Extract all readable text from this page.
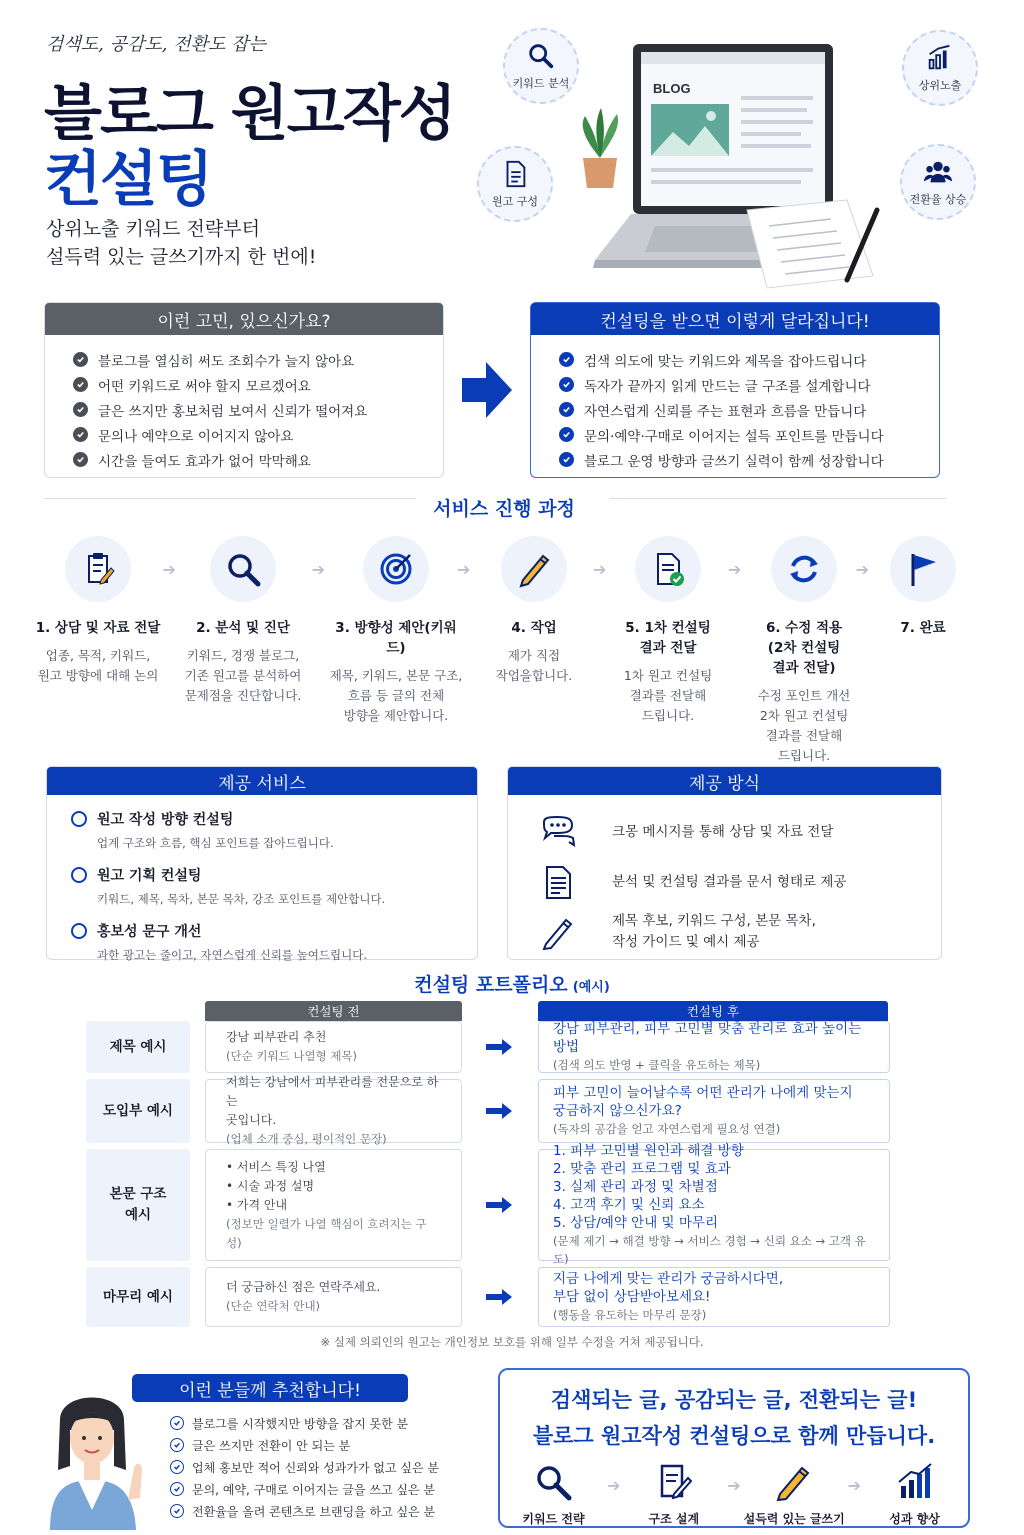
검색도, 공감도, 전환도 잡는
블로그 원고작성
컨설팅
상위노출 키워드 전략부터
설득력 있는 글쓰기까지 한 번에!
키워드 분석
원고 구성
상위노출
전환율 상승
BLOG
이런 고민, 있으신가요?
블로그를 열심히 써도 조회수가 늘지 않아요
어떤 키워드로 써야 할지 모르겠어요
글은 쓰지만 홍보처럼 보여서 신뢰가 떨어져요
문의나 예약으로 이어지지 않아요
시간을 들여도 효과가 없어 막막해요
컨설팅을 받으면 이렇게 달라집니다!
검색 의도에 맞는 키워드와 제목을 잡아드립니다
독자가 끝까지 읽게 만드는 글 구조를 설계합니다
자연스럽게 신뢰를 주는 표현과 흐름을 만듭니다
문의·예약·구매로 이어지는 설득 포인트를 만듭니다
블로그 운영 방향과 글쓰기 실력이 함께 성장합니다
서비스 진행 과정
1. 상담 및 자료 전달
업종, 목적, 키워드,
원고 방향에 대해 논의
➔
2. 분석 및 진단
키워드, 경쟁 블로그,
기존 원고를 분석하여
문제점을 진단합니다.
➔
3. 방향성 제안(키워드)
제목, 키워드, 본문 구조,
흐름 등 글의 전체
방향을 제안합니다.
➔
4. 작업
제가 직접
작업을합니다.
➔
5. 1차 컨설팅
결과 전달
1차 원고 컨설팅
결과를 전달해
드립니다.
➔
6. 수정 적용
(2차 컨설팅
결과 전달)
수정 포인트 개선
2차 원고 컨설팅
결과를 전달해
드립니다.
➔
7. 완료
제공 서비스
원고 작성 방향 컨설팅
업계 구조와 흐름, 핵심 포인트를 잡아드립니다.
원고 기획 컨설팅
키워드, 제목, 목차, 본문 목차, 강조 포인트를 제안합니다.
홍보성 문구 개선
과한 광고는 줄이고, 자연스럽게 신뢰를 높여드립니다.
제공 방식
크몽 메시지를 통해 상담 및 자료 전달
분석 및 컨설팅 결과를 문서 형태로 제공
제목 후보, 키워드 구성, 본문 목차,
작성 가이드 및 예시 제공
컨설팅 포트폴리오 (예시)
컨설팅 전	컨설팅 후
제목 예시
강남 피부관리 추천
(단순 키워드 나열형 제목)
강남 피부관리, 피부 고민별 맞춤 관리로 효과 높이는 방법
(검색 의도 반영 + 클릭을 유도하는 제목)
도입부 예시
저희는 강남에서 피부관리를 전문으로 하는
곳입니다.
(업체 소개 중심, 평이적인 문장)
피부 고민이 늘어날수록 어떤 관리가 나에게 맞는지
궁금하지 않으신가요?
(독자의 공감을 얻고 자연스럽게 필요성 연결)
본문 구조
예시
• 서비스 특징 나열
• 시술 과정 설명
• 가격 안내
(정보만 일렬가 나열 핵심이 흐려지는 구성)
1. 피부 고민별 원인과 해결 방향
2. 맞춤 관리 프로그램 및 효과
3. 실제 관리 과정 및 차별점
4. 고객 후기 및 신뢰 요소
5. 상담/예약 안내 및 마무리
(문제 제기 → 해결 방향 → 서비스 경험 → 신뢰 요소 → 고객 유도)
마무리 예시
더 궁금하신 점은 연락주세요.
(단순 연락처 안내)
지금 나에게 맞는 관리가 궁금하시다면,
부담 없이 상담받아보세요!
(행동을 유도하는 마무리 문장)
※ 실제 의뢰인의 원고는 개인정보 보호를 위해 일부 수정을 거쳐 제공됩니다.
이런 분들께 추천합니다!
블로그를 시작했지만 방향을 잡지 못한 분
글은 쓰지만 전환이 안 되는 분
업체 홍보만 적어 신뢰와 성과가가 없고 싶은 분
문의, 예약, 구매로 이어지는 글을 쓰고 싶은 분
전환율을 올려 콘텐츠로 브랜딩을 하고 싶은 분
검색되는 글, 공감되는 글, 전환되는 글!
블로그 원고작성 컨설팅으로 함께 만듭니다.
키워드 전략
➔
구조 설계
➔
설득력 있는 글쓰기
➔
성과 향상
